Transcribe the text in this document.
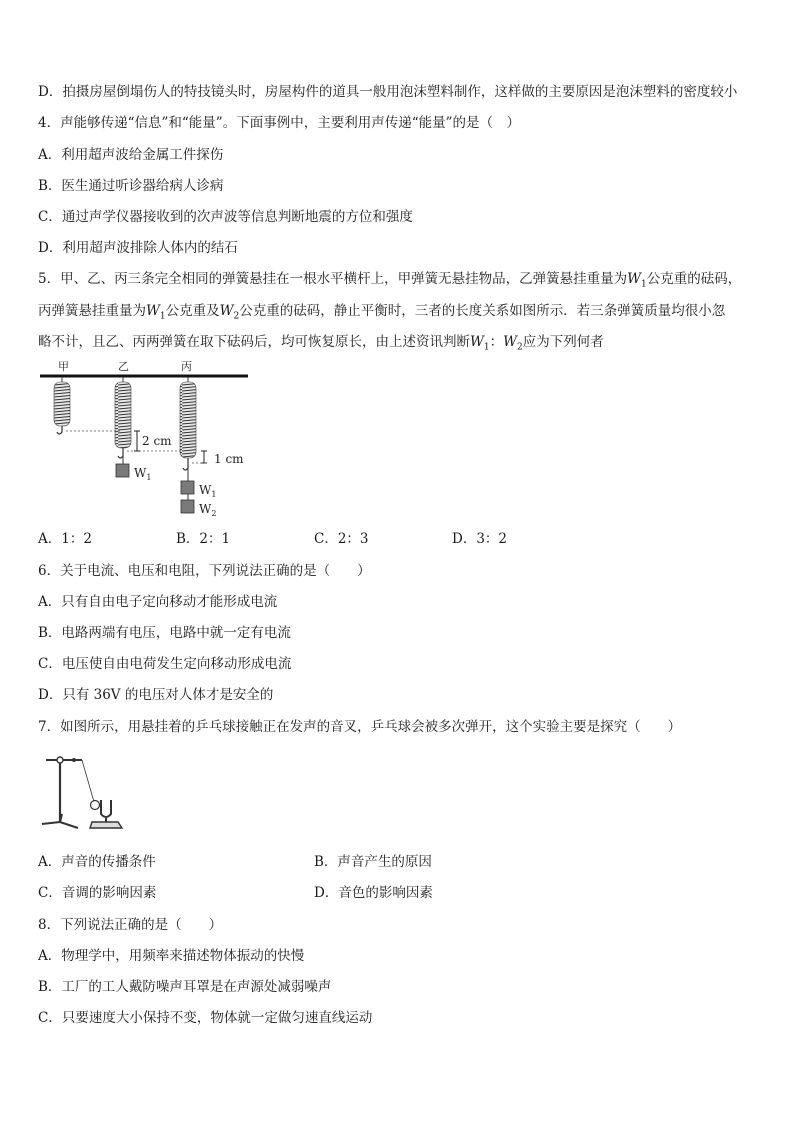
D．拍摄房屋倒塌伤人的特技镜头时，房屋构件的道具一般用泡沫塑料制作，这样做的主要原因是泡沫塑料的密度较小
4．声能够传递“信息”和“能量”。下面事例中，主要利用声传递“能量”的是（　）
A．利用超声波给金属工件探伤
B．医生通过听诊器给病人诊病
C．通过声学仪器接收到的次声波等信息判断地震的方位和强度
D．利用超声波排除人体内的结石
5．甲、乙、丙三条完全相同的弹簧悬挂在一根水平横杆上，甲弹簧无悬挂物品，乙弹簧悬挂重量为$W_1$公克重的砝码，
丙弹簧悬挂重量为$W_1$公克重及$W_2$公克重的砝码，静止平衡时，三者的长度关系如图所示．若三条弹簧质量均很小忽
略不计，且乙、丙两弹簧在取下砝码后，均可恢复原长，由上述资讯判断$W_1$：$W_2$应为下列何者
甲	乙	丙
2 cm
1 cm
$W_1$
$W_1$
$W_2$
A．1：2	B．2：1	C．2：3	D．3：2
6．关于电流、电压和电阻，下列说法正确的是（　　）
A．只有自由电子定向移动才能形成电流
B．电路两端有电压，电路中就一定有电流
C．电压使自由电荷发生定向移动形成电流
D．只有 36V 的电压对人体才是安全的
7．如图所示，用悬挂着的乒乓球接触正在发声的音叉，乒乓球会被多次弹开，这个实验主要是探究（　　）
A．声音的传播条件	B．声音产生的原因
C．音调的影响因素	D．音色的影响因素
8．下列说法正确的是（　　）
A．物理学中，用频率来描述物体振动的快慢
B．工厂的工人戴防噪声耳罩是在声源处减弱噪声
C．只要速度大小保持不变，物体就一定做匀速直线运动
